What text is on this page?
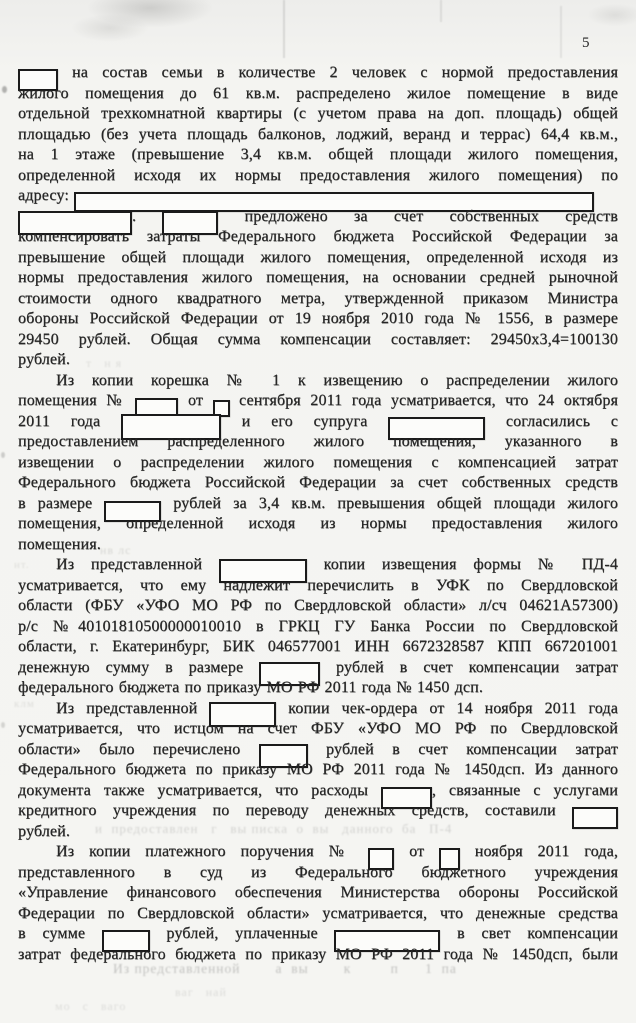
5
на состав семьи в количестве 2 человек с нормой предоставления
жилого помещения до 61 кв.м. распределено жилое помещение в виде
отдельной трехкомнатной квартиры (с учетом права на доп. площадь) общей
площадью (без учета площадь балконов, лоджий, веранд и террас) 64,4 кв.м.,
на 1 этаже (превышение 3,4 кв.м. общей площади жилого помещения,
определенной исходя их нормы предоставления жилого помещения) по
адресу:
.	предложено за счет собственных средств
компенсировать затраты Федерального бюджета Российской Федерации за
превышение общей площади жилого помещения, определенной исходя из
нормы предоставления жилого помещения, на основании средней рыночной
стоимости одного квадратного метра, утвержденной приказом Министра
обороны Российской Федерации от 19 ноября 2010 года № 1556, в размере
29450 рублей. Общая сумма компенсации составляет: 29450х3,4=100130
рублей.
Из копии корешка № 1 к извещению о распределении жилого
помещения №	от  сентября 2011 года усматривается, что 24 октября
2011 года	и его супруга	согласились с
предоставлением распределенного жилого помещения, указанного в
извещении о распределении жилого помещения с компенсацией затрат
Федерального бюджета Российской Федерации за счет собственных средств
в размере	рублей за 3,4 кв.м. превышения общей площади жилого
помещения, определенной исходя из нормы предоставления жилого
помещения.
Из представленной	копии извещения формы № ПД-4
усматривается, что ему надлежит перечислить в УФК по Свердловской
области (ФБУ «УФО МО РФ по Свердловской области» л/сч 04621А57300)
р/с №40101810500000010010 в ГРКЦ ГУ Банка России по Свердловской
области, г. Екатеринбург, БИК 046577001 ИНН 6672328587 КПП 667201001
денежную сумму в размере	рублей в счет компенсации затрат
федерального бюджета по приказу МО РФ 2011 года № 1450 дсп.
Из представленной	копии чек-ордера от 14 ноября 2011 года
усматривается, что истцом на счет ФБУ «УФО МО РФ по Свердловской
области» было перечислено	рублей в счет компенсации затрат
Федерального бюджета по приказу МО РФ 2011 года № 1450дсп. Из данного
документа также усматривается, что расходы	, связанные с услугами
кредитного учреждения по переводу денежных средств, составили
рублей.
Из копии платежного поручения №  от  ноября 2011 года,
представленного в суд из Федерального бюджетного учреждения
«Управление финансового обеспечения Министерства обороны Российской
Федерации по Свердловской области» усматривается, что денежные средства
в сумме	рублей, уплаченные	в свет компенсации
затрат федерального бюджета по приказу МО РФ 2011 года № 1450дсп, были
т   н я
нв лс
нт.
клм
и  предоставлен   г   вы писка  о  вы   данного  ба   П-4
Из представленной        а  вы        к         п      1  па
ваг   най
мо   с   ваго
